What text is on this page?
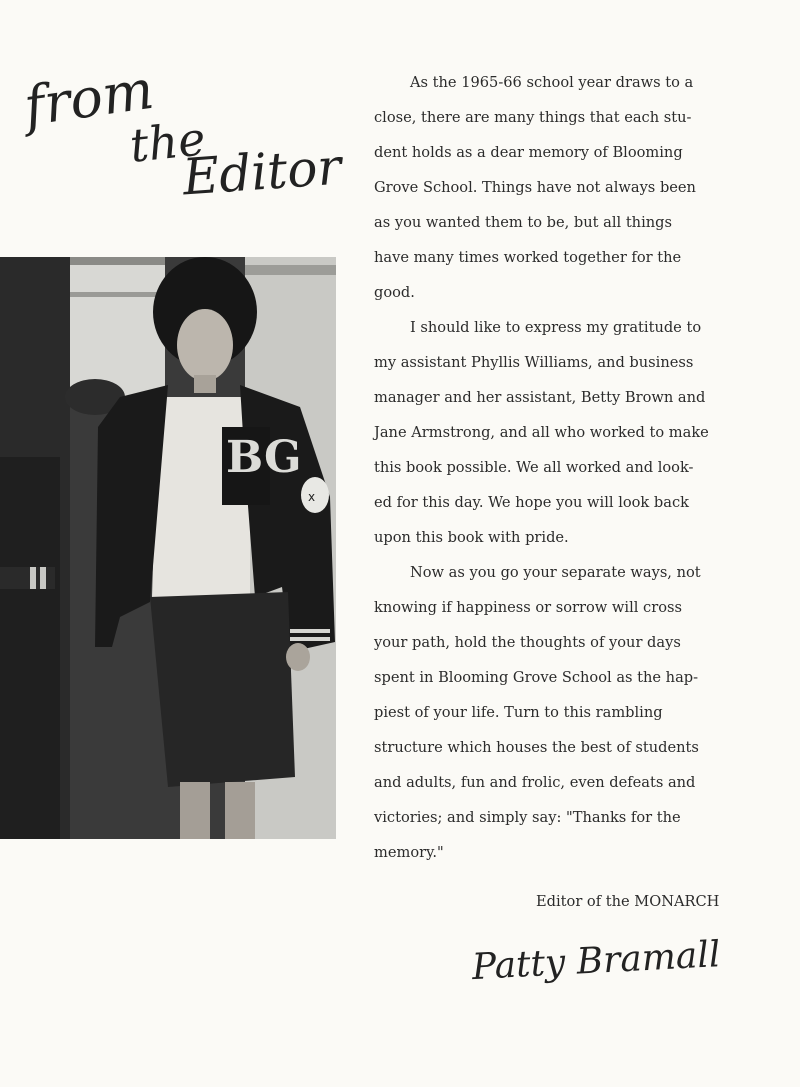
from
the
Editor
BG
x
As the 1965-66 school year draws to a
close, there are many things that each stu-
dent holds as a dear memory of Blooming
Grove School. Things have not always been
as you wanted them to be, but all things
have many times worked together for the
good.
I should like to express my gratitude to
my assistant Phyllis Williams, and business
manager and her assistant, Betty Brown and
Jane Armstrong, and all who worked to make
this book possible. We all worked and look-
ed for this day. We hope you will look back
upon this book with pride.
Now as you go your separate ways, not
knowing if happiness or sorrow will cross
your path, hold the thoughts of your days
spent in Blooming Grove School as the hap-
piest of your life. Turn to this rambling
structure which houses the best of students
and adults, fun and frolic, even defeats and
victories; and simply say: "Thanks for the
memory."
Editor of the MONARCH
Patty Bramall
